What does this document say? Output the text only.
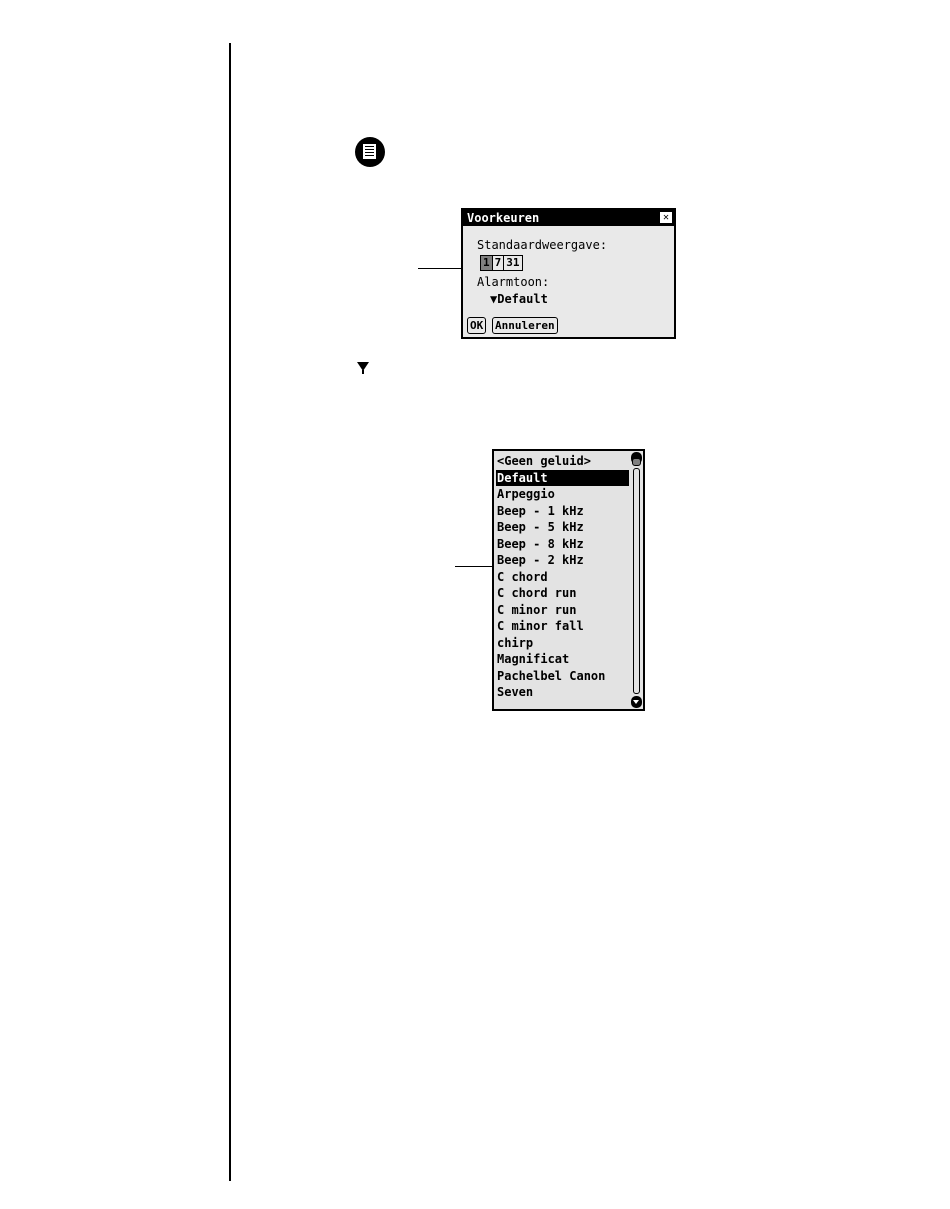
Voorkeuren	✕
Standaardweergave:
1 7 31
Alarmtoon:
▼Default
OK Annuleren
<Geen geluid>
Default
Arpeggio
Beep - 1 kHz
Beep - 5 kHz
Beep - 8 kHz
Beep - 2 kHz
C chord
C chord run
C minor run
C minor fall
chirp
Magnificat
Pachelbel Canon
Seven
